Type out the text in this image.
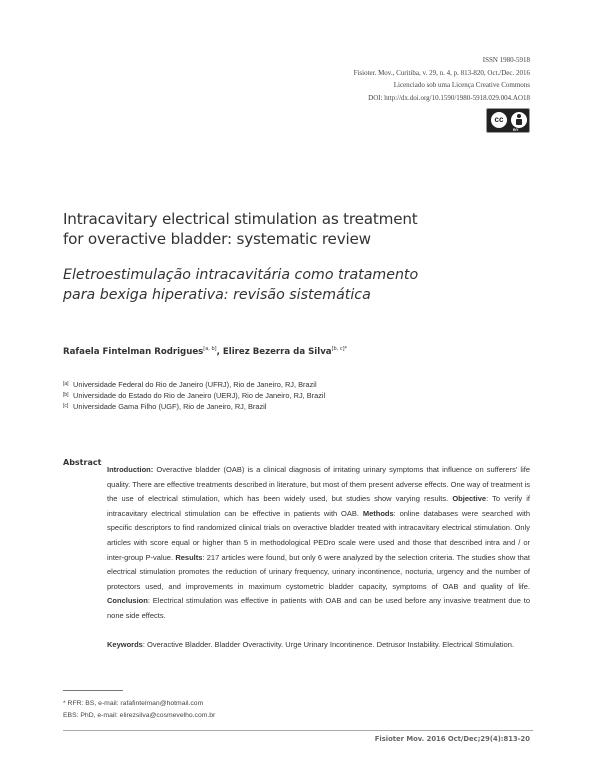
ISSN 1980-5918
Fisioter. Mov., Curitiba, v. 29, n. 4, p. 813-820, Oct./Dec. 2016
Licenciado sob uma Licença Creative Commons
DOI: http://dx.doi.org/10.1590/1980-5918.029.004.AO18
cc
BY
Intracavitary electrical stimulation as treatment
for overactive bladder: systematic review
Eletroestimulação intracavitária como tratamento
para bexiga hiperativa: revisão sistemática
Rafaela Fintelman Rodrigues[a, b], Elirez Bezerra da Silva$^{[b, c]*}$
[a] Universidade Federal do Rio de Janeiro (UFRJ), Rio de Janeiro, RJ, Brazil
[b] Universidade do Estado do Rio de Janeiro (UERJ), Rio de Janeiro, RJ, Brazil
[c] Universidade Gama Filho (UGF), Rio de Janeiro, RJ, Brazil
Abstract
Introduction: Overactive bladder (OAB) is a clinical diagnosis of irritating urinary symptoms that influence on sufferers' life quality. There are effective treatments described in literature, but most of them present adverse effects. One way of treatment is the use of electrical stimulation, which has been widely used, but studies show varying results. Objective: To verify if intracavitary electrical stimulation can be effective in patients with OAB. Methods: online databases were searched with specific descriptors to find randomized clinical trials on overactive bladder treated with intracavitary electrical stimulation. Only articles with score equal or higher than 5 in methodological PEDro scale were used and those that described intra and / or inter-group P-value. Results: 217 articles were found, but only 6 were analyzed by the selection criteria. The studies show that electrical stimulation promotes the reduction of urinary frequency, urinary incontinence, nocturia, urgency and the number of protectors used, and improvements in maximum cystometric bladder capacity, symptoms of OAB and quality of life. Conclusion: Electrical stimulation was effective in patients with OAB and can be used before any invasive treatment due to none side effects.
Keywords: Overactive Bladder. Bladder Overactivity. Urge Urinary Incontinence. Detrusor Instability. Electrical Stimulation.
* RFR: BS, e-mail: rafafintelman@hotmail.com
EBS: PhD, e-mail: elirezsilva@cosmevelho.com.br
Fisioter Mov. 2016 Oct/Dec;29(4):813-20
